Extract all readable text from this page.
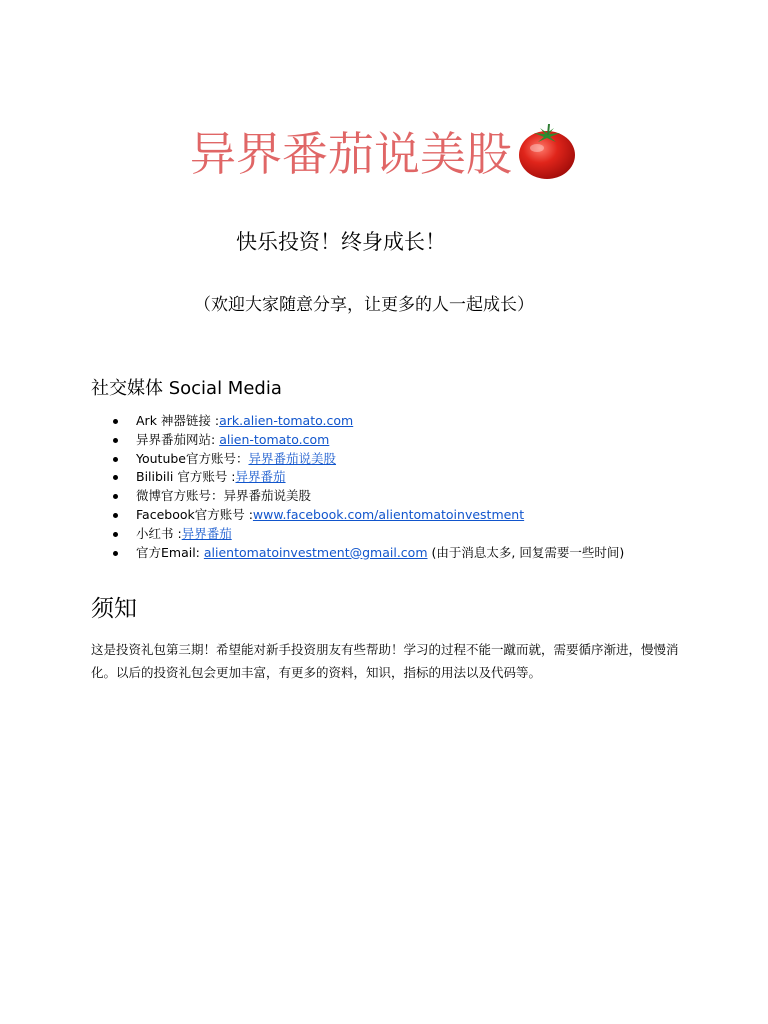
异界番茄说美股
快乐投资！终身成长！
（欢迎大家随意分享，让更多的人一起成长）
社交媒体 Social Media
Ark 神器链接 :ark.alien-tomato.com
异界番茄网站: alien-tomato.com
Youtube官方账号：异界番茄说美股
Bilibili 官方账号 :异界番茄
微博官方账号：异界番茄说美股
Facebook官方账号 :www.facebook.com/alientomatoinvestment
小红书 :异界番茄
官方Email: alientomatoinvestment@gmail.com (由于消息太多, 回复需要一些时间)
须知

这是投资礼包第三期！希望能对新手投资朋友有些帮助！学习的过程不能一蹴而就，需要循序渐进，慢慢消化。以后的投资礼包会更加丰富，有更多的资料，知识，指标的用法以及代码等。
